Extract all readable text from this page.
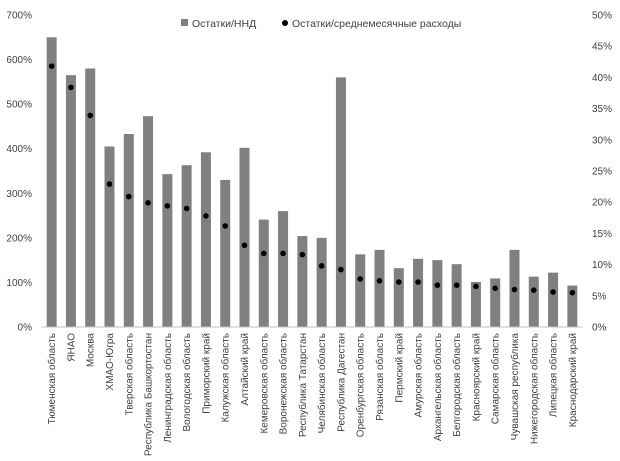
0%
100%
200%
300%
400%
500%
600%
700%
0%
5%
10%
15%
20%
25%
30%
35%
40%
45%
50%
Тюменская область ЯНАО Москва ХМАО-Югра Тверская область Республика Башкортостан Ленинградская область Вологодская область Приморский край Калужская область Алтайский край Кемеровская область Воронежская область Республика Татарстан Челябинская область Республика Дагестан Оренбургская область Рязанская область Пермский край Амурская область Архангельская область Белгородская область Красноярский край Самарская область Чувашская республика Нижегородская область Липецкая область Краснодарский край
Остатки/ННД	Остатки/среднемесячные расходы
